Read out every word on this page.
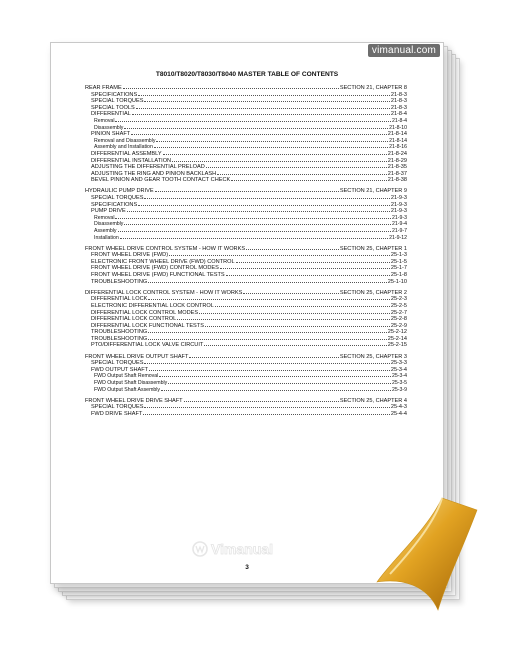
T8010/T8020/T8030/T8040 MASTER TABLE OF CONTENTS
REAR FRAME	SECTION 21, CHAPTER 8
SPECIFICATIONS	21-8-3
SPECIAL TORQUES	21-8-3
SPECIAL TOOLS	21-8-3
DIFFERENTIAL	21-8-4
Removal	21-8-4
Disassembly	21-8-10
PINION SHAFT	21-8-14
Removal and Disassembly	21-8-14
Assembly and Installation	21-8-16
DIFFERENTIAL ASSEMBLY	21-8-24
DIFFERENTIAL INSTALLATION	21-8-29
ADJUSTING THE DIFFERENTIAL PRELOAD	21-8-35
ADJUSTING THE RING AND PINION BACKLASH	21-8-37
BEVEL PINION AND GEAR TOOTH CONTACT CHECK	21-8-38
HYDRAULIC PUMP DRIVE	SECTION 21, CHAPTER 9
SPECIAL TORQUES	21-9-3
SPECIFICATIONS	21-9-3
PUMP DRIVE	21-9-3
Removal	21-9-3
Disassembly	21-9-4
Assembly	21-9-7
Installation	21-9-12
FRONT WHEEL DRIVE CONTROL SYSTEM - HOW IT WORKS	SECTION 25, CHAPTER 1
FRONT WHEEL DRIVE (FWD)	25-1-3
ELECTRONIC FRONT WHEEL DRIVE (FWD) CONTROL	25-1-5
FRONT WHEEL DRIVE (FWD) CONTROL MODES	25-1-7
FRONT WHEEL DRIVE (FWD) FUNCTIONAL TESTS	25-1-8
TROUBLESHOOTING	25-1-10
DIFFERENTIAL LOCK CONTROL SYSTEM - HOW IT WORKS	SECTION 25, CHAPTER 2
DIFFERENTIAL LOCK	25-2-3
ELECTRONIC DIFFERENTIAL LOCK CONTROL	25-2-5
DIFFERENTIAL LOCK CONTROL MODES	25-2-7
DIFFERENTIAL LOCK CONTROL	25-2-8
DIFFERENTIAL LOCK FUNCTIONAL TESTS	25-2-9
TROUBLESHOOTING	25-2-12
TROUBLESHOOTING	25-2-14
PTO/DIFFERENTIAL LOCK VALVE CIRCUIT	25-2-15
FRONT WHEEL DRIVE OUTPUT SHAFT	SECTION 25, CHAPTER 3
SPECIAL TORQUES	25-3-3
FWD OUTPUT SHAFT	25-3-4
FWD Output Shaft Removal	25-3-4
FWD Output Shaft Disassembly	25-3-5
FWD Output Shaft Assembly	25-3-9
FRONT WHEEL DRIVE DRIVE SHAFT	SECTION 25, CHAPTER 4
SPECIAL TORQUES	25-4-3
FWD DRIVE SHAFT	25-4-4
Vimanual
3
vimanual.com
